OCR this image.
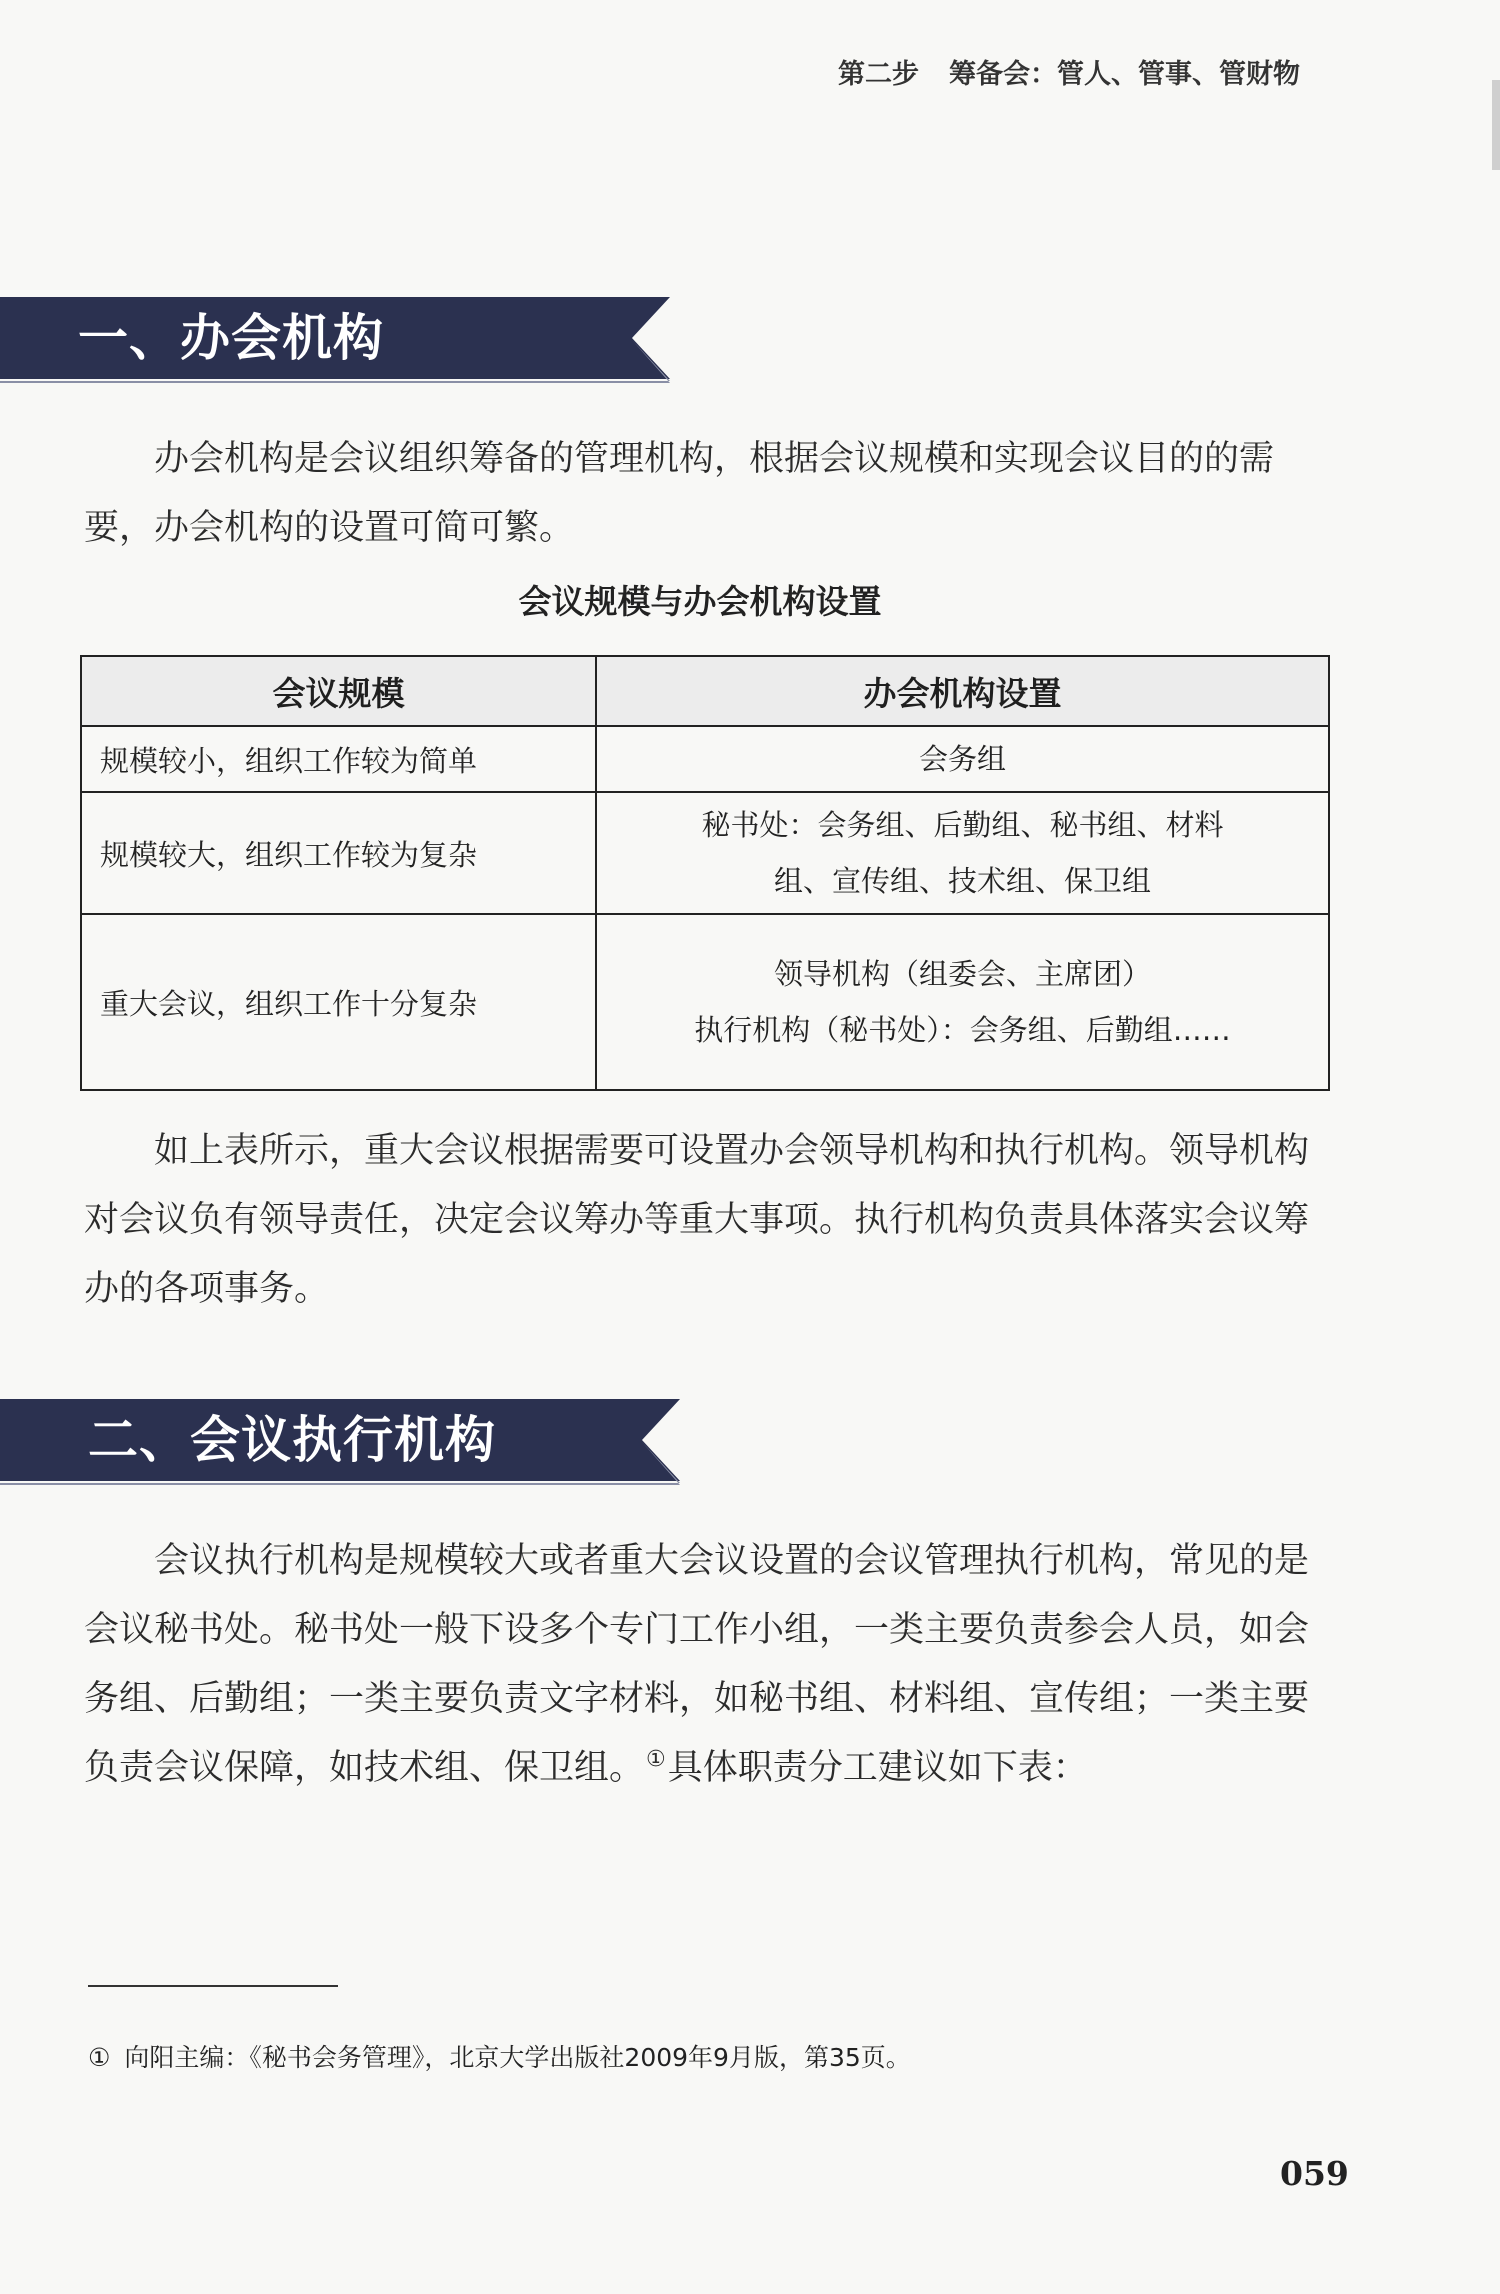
第二步 筹备会：管人、管事、管财物
一、办会机构

办会机构是会议组织筹备的管理机构，根据会议规模和实现会议目的的需要，办会机构的设置可简可繁。

会议规模与办会机构设置
会议规模	办会机构设置
规模较小，组织工作较为简单	会务组

规模较大，组织工作较为复杂	秘书处：会务组、后勤组、秘书组、材料
组、宣传组、技术组、保卫组

重大会议，组织工作十分复杂	领导机构（组委会、主席团）
执行机构（秘书处）：会务组、后勤组……

如上表所示，重大会议根据需要可设置办会领导机构和执行机构。领导机构对会议负有领导责任，决定会议筹办等重大事项。执行机构负责具体落实会议筹办的各项事务。

二、会议执行机构

会议执行机构是规模较大或者重大会议设置的会议管理执行机构，常见的是会议秘书处。秘书处一般下设多个专门工作小组，一类主要负责参会人员，如会务组、后勤组；一类主要负责文字材料，如秘书组、材料组、宣传组；一类主要负责会议保障，如技术组、保卫组。①具体职责分工建议如下表：

① 向阳主编：《秘书会务管理》，北京大学出版社2009年9月版，第35页。
059
